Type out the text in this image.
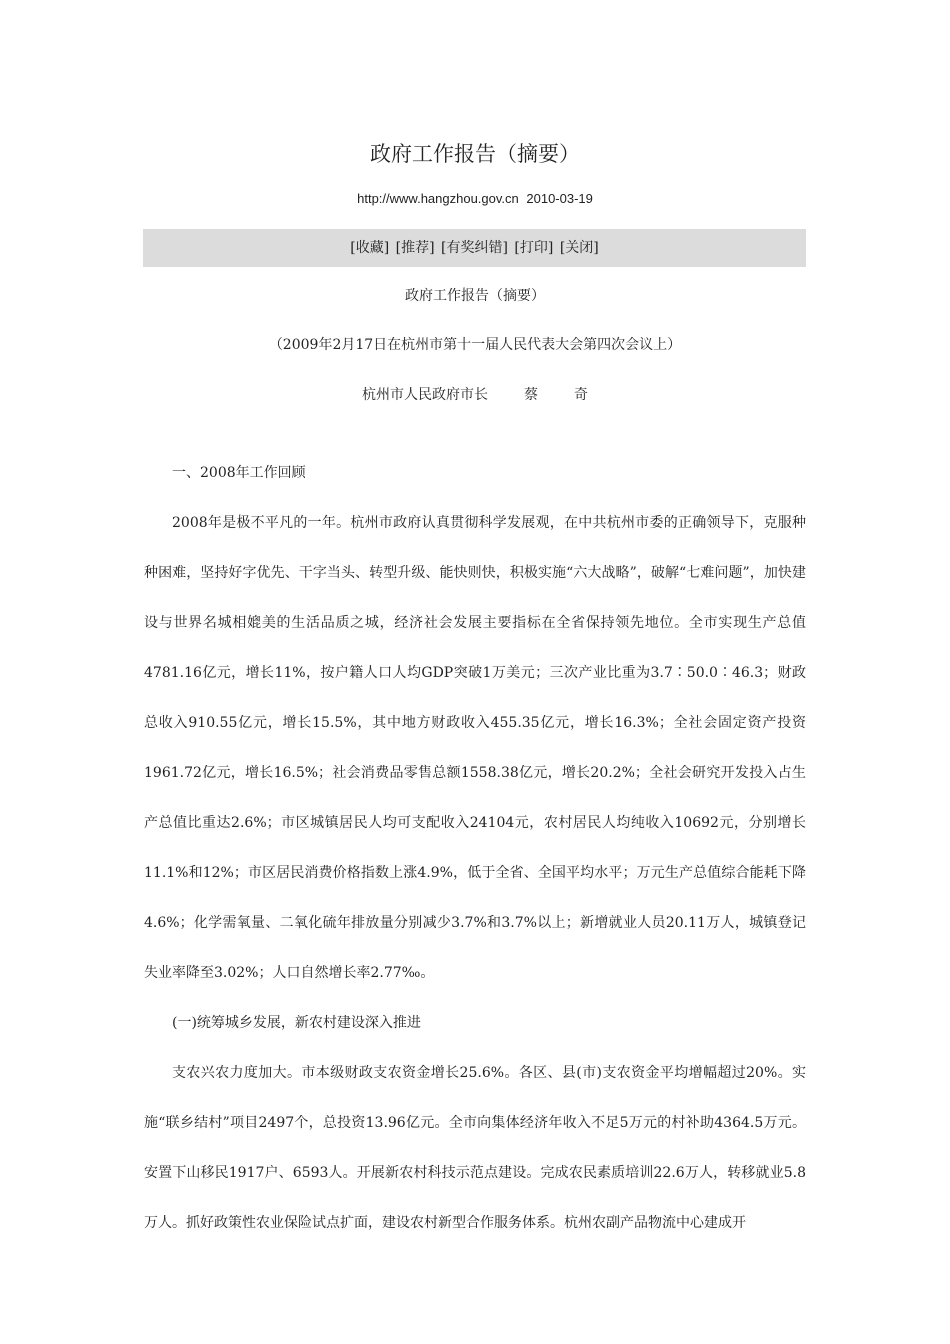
政府工作报告（摘要）
http://www.hangzhou.gov.cn 2010-03-19
[收藏] [推荐] [有奖纠错] [打印] [关闭]
政府工作报告（摘要）
（2009年2月17日在杭州市第十一届人民代表大会第四次会议上）
杭州市人民政府市长	蔡	奇

一、2008年工作回顾

2008年是极不平凡的一年。杭州市政府认真贯彻科学发展观，在中共杭州市委的正确领导下，克服种种困难，坚持好字优先、干字当头、转型升级、能快则快，积极实施“六大战略”，破解“七难问题”，加快建设与世界名城相媲美的生活品质之城，经济社会发展主要指标在全省保持领先地位。全市实现生产总值4781.16亿元，增长11%，按户籍人口人均GDP突破1万美元；三次产业比重为3.7∶50.0∶46.3；财政总收入910.55亿元，增长15.5%，其中地方财政收入455.35亿元，增长16.3%；全社会固定资产投资1961.72亿元，增长16.5%；社会消费品零售总额1558.38亿元，增长20.2%；全社会研究开发投入占生产总值比重达2.6%；市区城镇居民人均可支配收入24104元，农村居民人均纯收入10692元，分别增长11.1%和12%；市区居民消费价格指数上涨4.9%，低于全省、全国平均水平；万元生产总值综合能耗下降4.6%；化学需氧量、二氧化硫年排放量分别减少3.7%和3.7%以上；新增就业人员20.11万人，城镇登记失业率降至3.02%；人口自然增长率2.77‰。

(一)统筹城乡发展，新农村建设深入推进

支农兴农力度加大。市本级财政支农资金增长25.6%。各区、县(市)支农资金平均增幅超过20%。实施“联乡结村”项目2497个，总投资13.96亿元。全市向集体经济年收入不足5万元的村补助4364.5万元。安置下山移民1917户、6593人。开展新农村科技示范点建设。完成农民素质培训22.6万人，转移就业5.8万人。抓好政策性农业保险试点扩面，建设农村新型合作服务体系。杭州农副产品物流中心建成开
